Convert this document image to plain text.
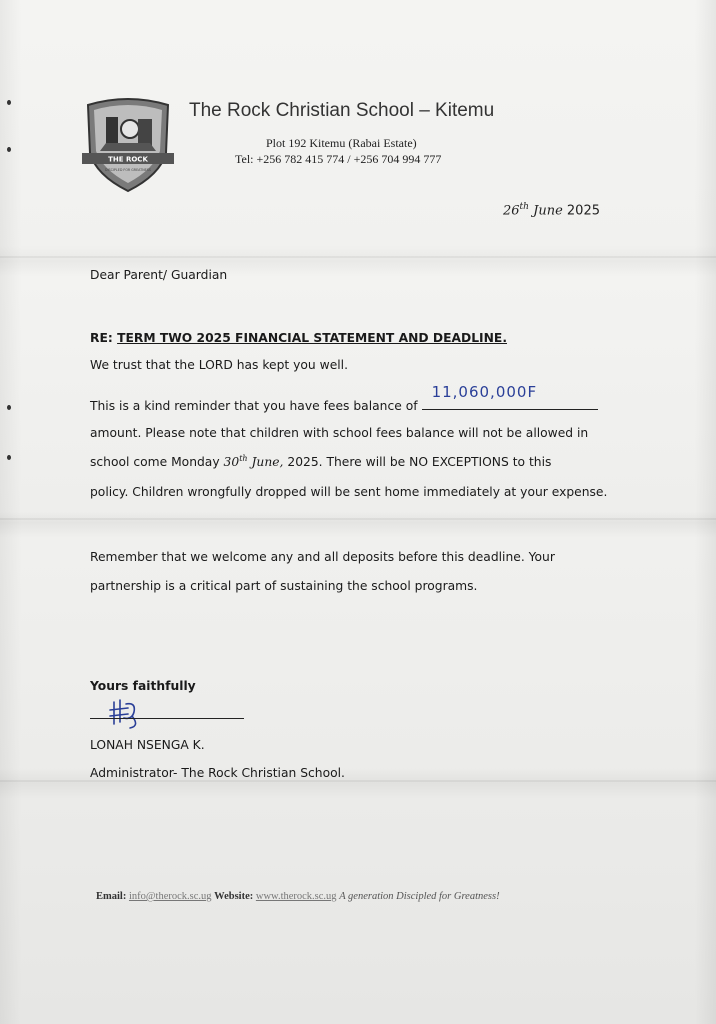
THE ROCK
DISCIPLED FOR GREATNESS
The Rock Christian School – Kitemu
Plot 192 Kitemu (Rabai Estate)
Tel: +256 782 415 774 / +256 704 994 777
26th June 2025
Dear Parent/ Guardian
RE: TERM TWO 2025 FINANCIAL STATEMENT AND DEADLINE.
We trust that the LORD has kept you well.
This is a kind reminder that you have fees balance of
11,060,000F
amount. Please note that children with school fees balance will not be allowed in
school come Monday 30th June, 2025. There will be NO EXCEPTIONS to this
policy. Children wrongfully dropped will be sent home immediately at your expense.
Remember that we welcome any and all deposits before this deadline. Your
partnership is a critical part of sustaining the school programs.
Yours faithfully
LONAH NSENGA K.
Administrator- The Rock Christian School.
Email: info@therock.sc.ug Website: www.therock.sc.ug A generation Discipled for Greatness!
